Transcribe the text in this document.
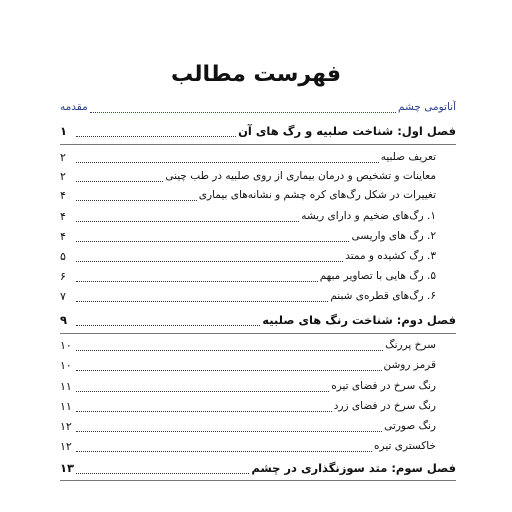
فهرست مطالب
آناتومی چشم
مقدمه
فصل اول: شناخت صلبیه و رگ های آن
۱
تعریف صلبیه
۲
معاینات و تشخیص و درمان بیماری از روی صلبیه در طب چینی
۲
تغییرات در شکل رگ‌های کره چشم و نشانه‌های بیماری
۴
۱. رگ‌های ضخیم و دارای ریشه
۴
۲. رگ های واریسی
۴
۳. رگ کشیده و ممتد
۵
۵. رگ هایی با تصاویر مبهم
۶
۶. رگ‌های قطره‌ی شبنم
۷
فصل دوم: شناخت رنگ های صلبیه
۹
سرخ پررنگ
۱۰
قرمز روشن
۱۰
رنگ سرخ در فضای تیره
۱۱
رنگ سرخ در فضای زرد
۱۱
رنگ صورتی
۱۲
خاکستری تیره
۱۲
فصل سوم: متد سوزنگذاری در چشم
۱۳
